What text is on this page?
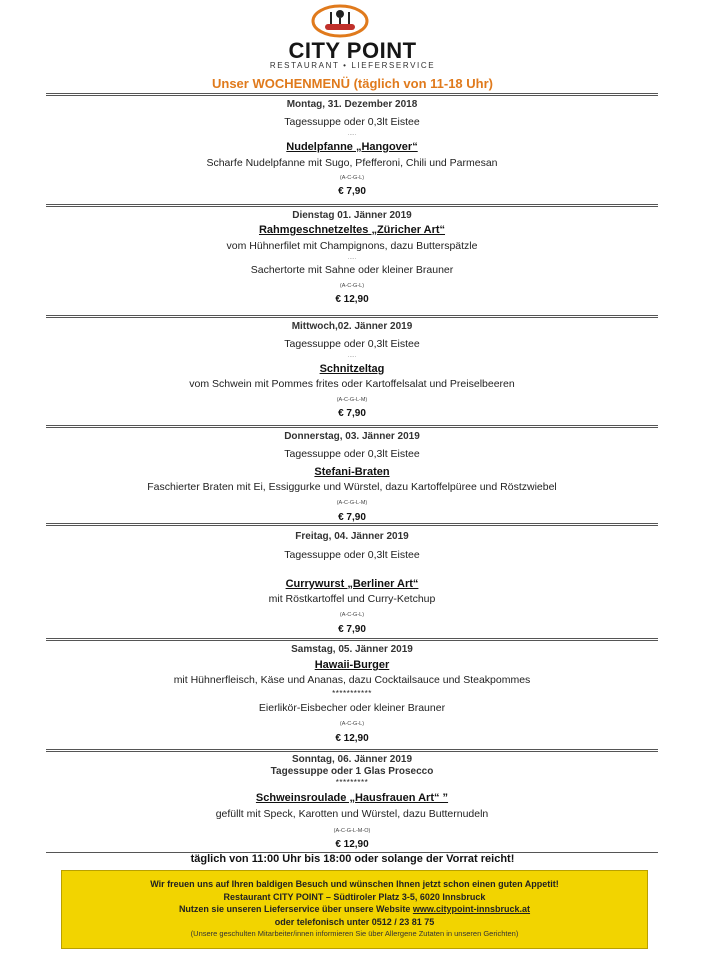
CITY POINT
RESTAURANT • LIEFERSERVICE
Unser WOCHENMENÜ (täglich von 11-18 Uhr)
Montag, 31. Dezember 2018
Tagessuppe oder 0,3lt Eistee
.....
Nudelpfanne „Hangover“
Scharfe Nudelpfanne mit Sugo, Pfefferoni, Chili und Parmesan
(A-C-G-L)
€ 7,90
Dienstag 01. Jänner 2019
Rahmgeschnetzeltes „Züricher Art“
vom Hühnerfilet mit Champignons, dazu Butterspätzle
.....
Sachertorte mit Sahne oder kleiner Brauner
(A-C-G-L)
€ 12,90
Mittwoch,02. Jänner 2019
Tagessuppe oder 0,3lt Eistee
.....
Schnitzeltag
vom Schwein mit Pommes frites oder Kartoffelsalat und Preiselbeeren
(A-C-G-L-M)
€ 7,90
Donnerstag, 03. Jänner 2019
Tagessuppe oder 0,3lt Eistee
Stefani-Braten
Faschierter Braten mit Ei, Essiggurke und Würstel, dazu Kartoffelpüree und Röstzwiebel
(A-C-G-L-M)
€ 7,90
Freitag, 04. Jänner 2019
Tagessuppe oder 0,3lt Eistee
Currywurst „Berliner Art“
mit Röstkartoffel und Curry-Ketchup
(A-C-G-L)
€ 7,90
Samstag, 05. Jänner 2019
Hawaii-Burger
mit Hühnerfleisch, Käse und Ananas, dazu Cocktailsauce und Steakpommes
***********
Eierlikör-Eisbecher oder kleiner Brauner
(A-C-G-L)
€ 12,90
Sonntag, 06. Jänner 2019
Tagessuppe oder 1 Glas Prosecco
*********
Schweinsroulade „Hausfrauen Art“ ”
gefüllt mit Speck, Karotten und Würstel, dazu Butternudeln
(A-C-G-L-M-O)
€ 12,90
täglich von 11:00 Uhr bis 18:00 oder solange der Vorrat reicht!
Wir freuen uns auf Ihren baldigen Besuch und wünschen Ihnen jetzt schon einen guten Appetit!
Restaurant CITY POINT – Südtiroler Platz 3-5, 6020 Innsbruck
Nutzen sie unseren Lieferservice über unsere Website www.citypoint-innsbruck.at
oder telefonisch unter 0512 / 23 81 75
(Unsere geschulten Mitarbeiter/innen informieren Sie über Allergene Zutaten in unseren Gerichten)
